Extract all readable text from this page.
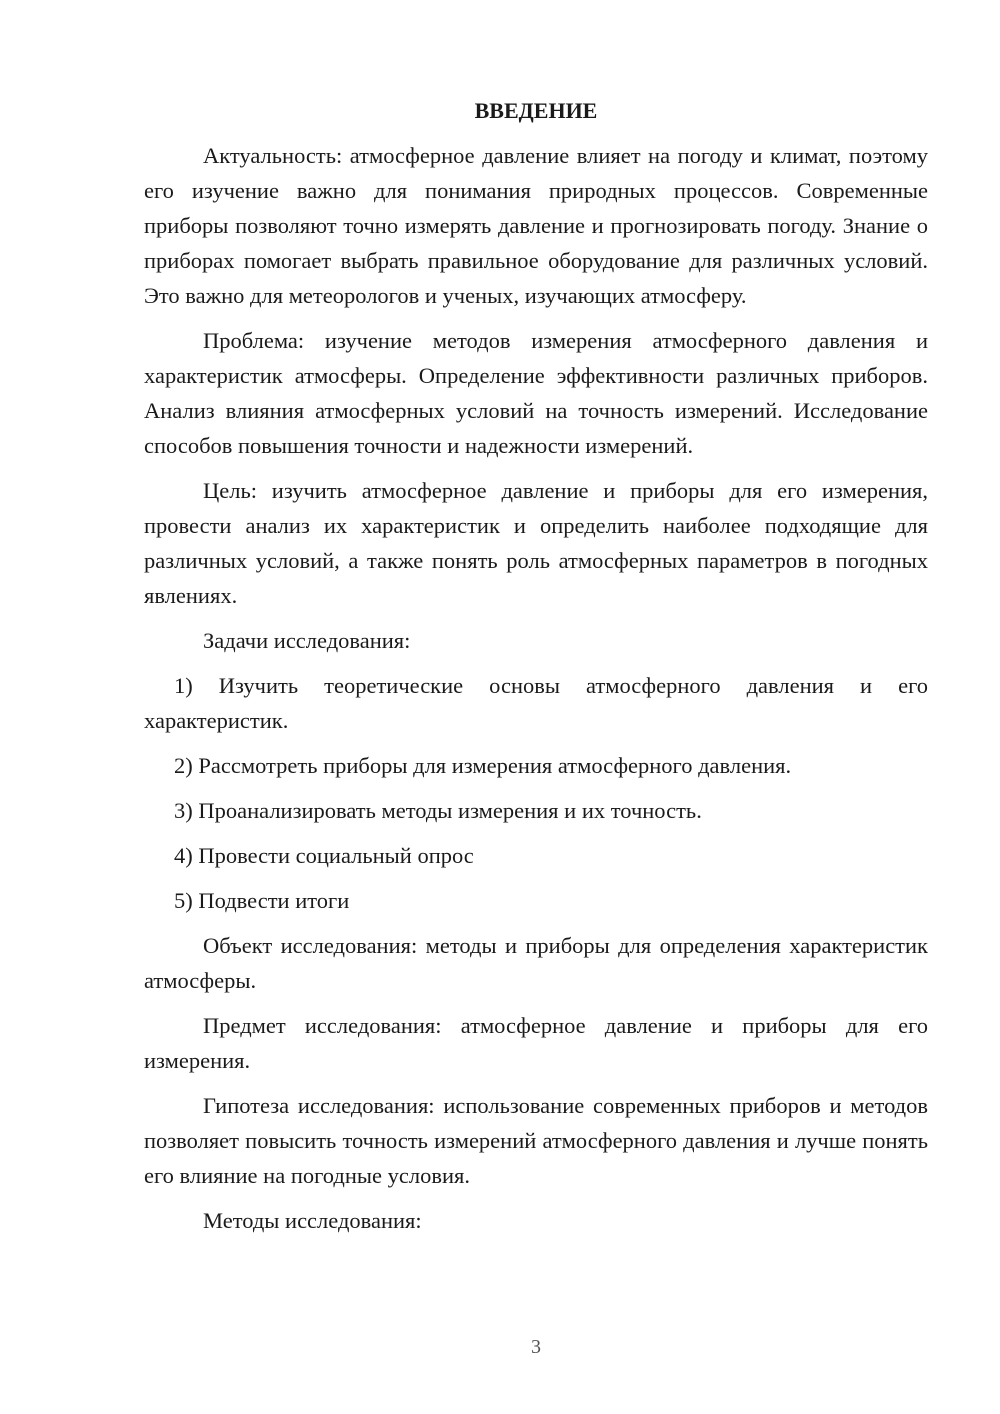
ВВЕДЕНИЕ

Актуальность: атмосферное давление влияет на погоду и климат, поэтому его изучение важно для понимания природных процессов. Современные приборы позволяют точно измерять давление и прогнозировать погоду. Знание о приборах помогает выбрать правильное оборудование для различных условий. Это важно для метеорологов и ученых, изучающих атмосферу.

Проблема: изучение методов измерения атмосферного давления и характеристик атмосферы. Определение эффективности различных приборов. Анализ влияния атмосферных условий на точность измерений. Исследование способов повышения точности и надежности измерений.

Цель: изучить атмосферное давление и приборы для его измерения, провести анализ их характеристик и определить наиболее подходящие для различных условий, а также понять роль атмосферных параметров в погодных явлениях.

Задачи исследования:

1) Изучить теоретические основы атмосферного давления и его характеристик.

2) Рассмотреть приборы для измерения атмосферного давления.

3) Проанализировать методы измерения и их точность.

4) Провести социальный опрос

5) Подвести итоги

Объект исследования: методы и приборы для определения характеристик атмосферы.

Предмет исследования: атмосферное давление и приборы для его измерения.

Гипотеза исследования: использование современных приборов и методов позволяет повысить точность измерений атмосферного давления и лучше понять его влияние на погодные условия.

Методы исследования:

3
